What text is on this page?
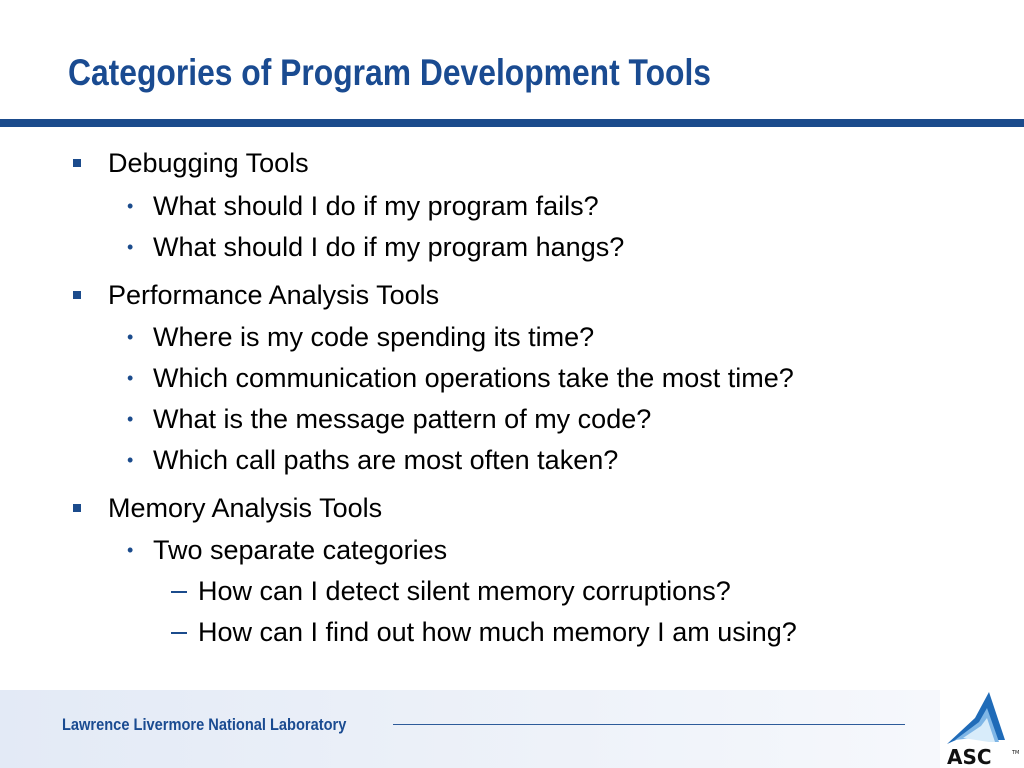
Categories of Program Development Tools

Debugging Tools

• What should I do if my program fails?

• What should I do if my program hangs?

Performance Analysis Tools

• Where is my code spending its time?

• Which communication operations take the most time?

• What is the message pattern of my code?

• Which call paths are most often taken?

Memory Analysis Tools

• Two separate categories

How can I detect silent memory corruptions?

How can I find out how much memory I am using?

Lawrence Livermore National Laboratory

ASC	TM
